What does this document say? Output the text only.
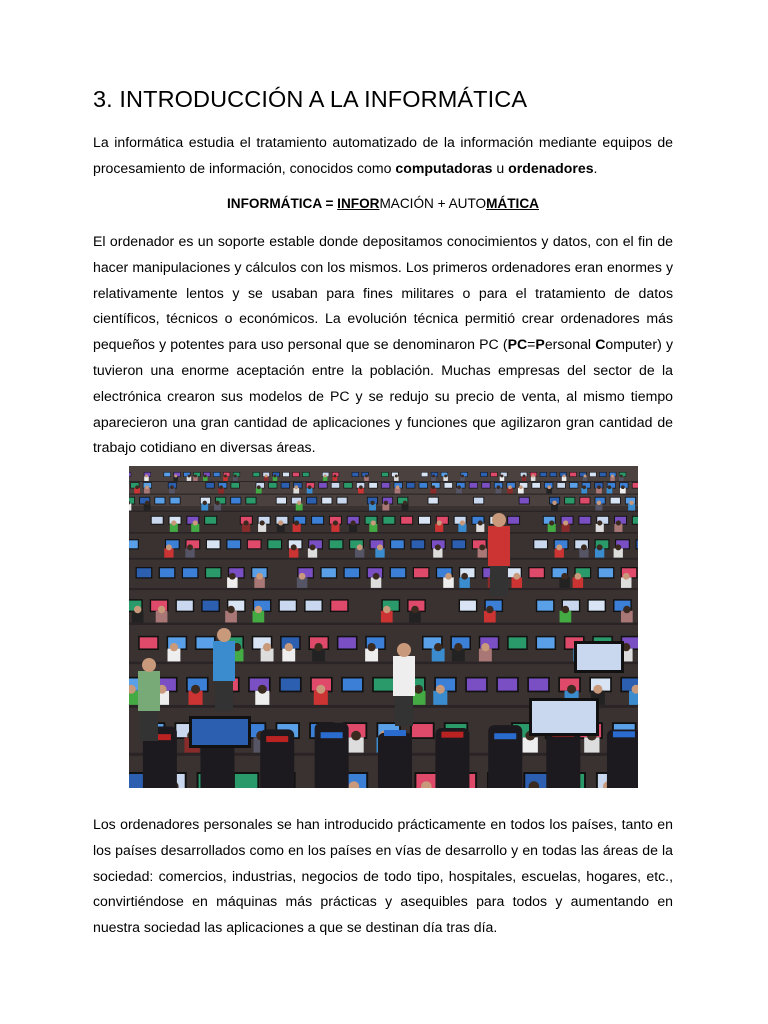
3. INTRODUCCIÓN A LA INFORMÁTICA

La informática estudia el tratamiento automatizado de la información mediante equipos de
procesamiento de información, conocidos como computadoras u ordenadores.

INFORMÁTICA = INFORMACIÓN + AUTOMÁTICA

El ordenador es un soporte estable donde depositamos conocimientos y datos, con el fin de
hacer manipulaciones y cálculos con los mismos. Los primeros ordenadores eran enormes y
relativamente lentos y se usaban para fines militares o para el tratamiento de datos
científicos, técnicos o económicos. La evolución técnica permitió crear ordenadores más
pequeños y potentes para uso personal que se denominaron PC (PC=Personal Computer) y
tuvieron una enorme aceptación entre la población. Muchas empresas del sector de la
electrónica crearon sus modelos de PC y se redujo su precio de venta, al mismo tiempo
aparecieron una gran cantidad de aplicaciones y funciones que agilizaron gran cantidad de
trabajo cotidiano en diversas áreas.

Los ordenadores personales se han introducido prácticamente en todos los países, tanto en
los países desarrollados como en los países en vías de desarrollo y en todas las áreas de la
sociedad: comercios, industrias, negocios de todo tipo, hospitales, escuelas, hogares, etc.,
convirtiéndose en máquinas más prácticas y asequibles para todos y aumentando en
nuestra sociedad las aplicaciones a que se destinan día tras día.
